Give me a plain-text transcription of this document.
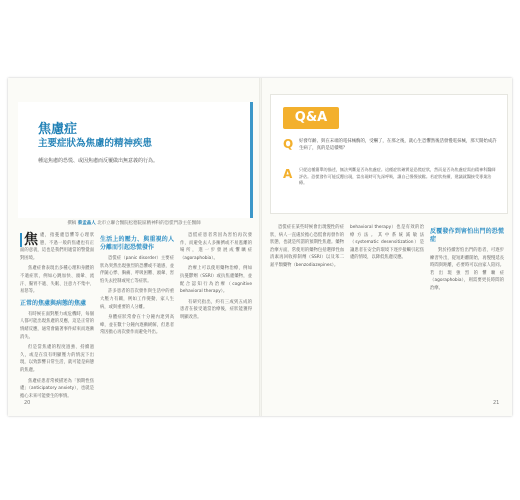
焦慮症
主要症狀為焦慮的精神疾患

種這焦慮的恐慌、或因焦慮而反覆做出無意義的行為。

撰稿 蔡孟晶人 北市立聯合醫院松德院區精神科的恐慌門診主任醫師

焦 慮，指憂慮恐懼等心理狀態，不過一般的焦慮也有正面的意義，這也是我們用適當的警覺面對困境。

焦慮症會表現出多種心理和身體的不適症狀，例如心跳加快、頭暈、流汗、腸胃不適、失眠、注意力不集中、易怒等。

正常的焦慮與病態的焦慮

有時候在面對壓力或危機時，每個人都可能出現焦慮的反應，這是正常的情緒反應，通常會隨著事件結束而逐漸消失。

但是當焦慮的程度過強、持續過久，或是在沒有明顯壓力的情況下出現，以致影響日常生活，就可能是病態的焦慮。

焦慮症患者常被描述為「預期性焦慮」（anticipatory anxiety），也就是擔心未來可能發生的事情。

生活上的壓力、與重視的人分離而引起恐慌發作

恐慌症（panic disorder）主要症狀為突然出現強烈的恐懼或不適感，並伴隨心悸、胸痛、呼吸困難、頭暈、害怕失去控制或死亡等症狀。

許多患者的首次發作與生活中的重大壓力有關，例如工作變動、家人生病，或與重要的人分離。

身體症狀常會在十分鐘內達到高峰，並在數十分鐘內逐漸緩解，但患者常因擔心再次發作而避免外出。

恐慌症患者常因為害怕再次發作，而避免去人多擁擠或不易逃離的場所，進一步發展成懼曠症（agoraphobia）。

治療上可以使用藥物治療，例如抗憂鬱劑（SSRI）或抗焦慮藥物，並配合認知行為治療（cognitive behavioral therapy）。

有研究指出，約有三成到五成的患者在接受適當治療後，症狀能獲得明顯改善。

Q&A
Q 好發年齡、與在末端的電抹械酶的，受嚇了，在那之後，就心生恐懼然後活發慢電抹械，那天開始成許生病了，真的是這樣嗎？

A 只從這種簡單的描述，無法判斷是否為焦慮症。這種症狀確實是恐慌症狀，然而是否為焦慮症需由精神科醫師評估。恐慌發作可能反覆出現，當出現時可先深呼吸，讓自己慢慢放鬆。若症狀持續，建議就醫接受專業治療。

恐慌症在某些時候會出現慢性的症狀，病人一直處於擔心恐慌會再發作的狀態，也就是所謂的預期性焦慮。藥物治療方面，常使用的藥物包括選擇性血清素再回收抑制劑（SSRI）以及苯二氮平類藥物（benzodiazepines）。

behavioral therapy）也是有效的治療方法。其中系統減敏法（systematic desensitization）是讓患者在安全的環境下逐步接觸引起焦慮的情境，以降低焦慮反應。

反覆發作到害怕出門的恐慌症

對於持續害怕出門的患者，可逐步練習外出，從短距離開始，再慢慢延長時間與距離，必要時可以由家人陪同。若出現強烈的懼曠症（agoraphobia），則需要更長時間的治療。

20	21
